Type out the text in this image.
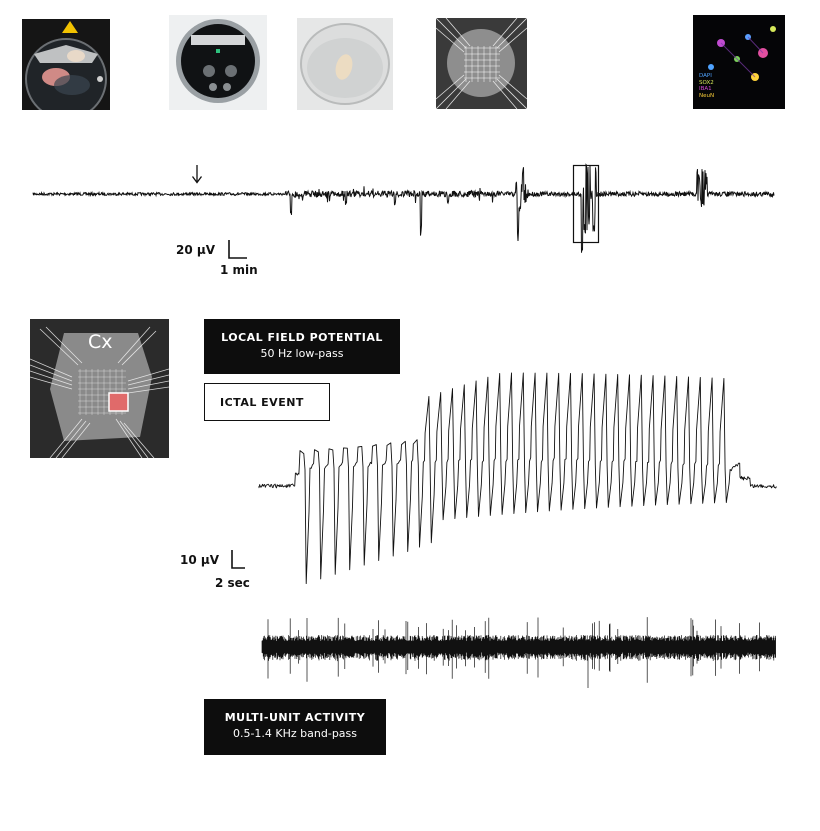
DAPI
SOX2
IBA1
NeuN
20 µV
1 min
Cx	LOCAL FIELD POTENTIAL
50 Hz low-pass
ICTAL EVENT
MULTI-UNIT ACTIVITY
0.5-1.4 KHz band-pass
10 µV
2 sec
